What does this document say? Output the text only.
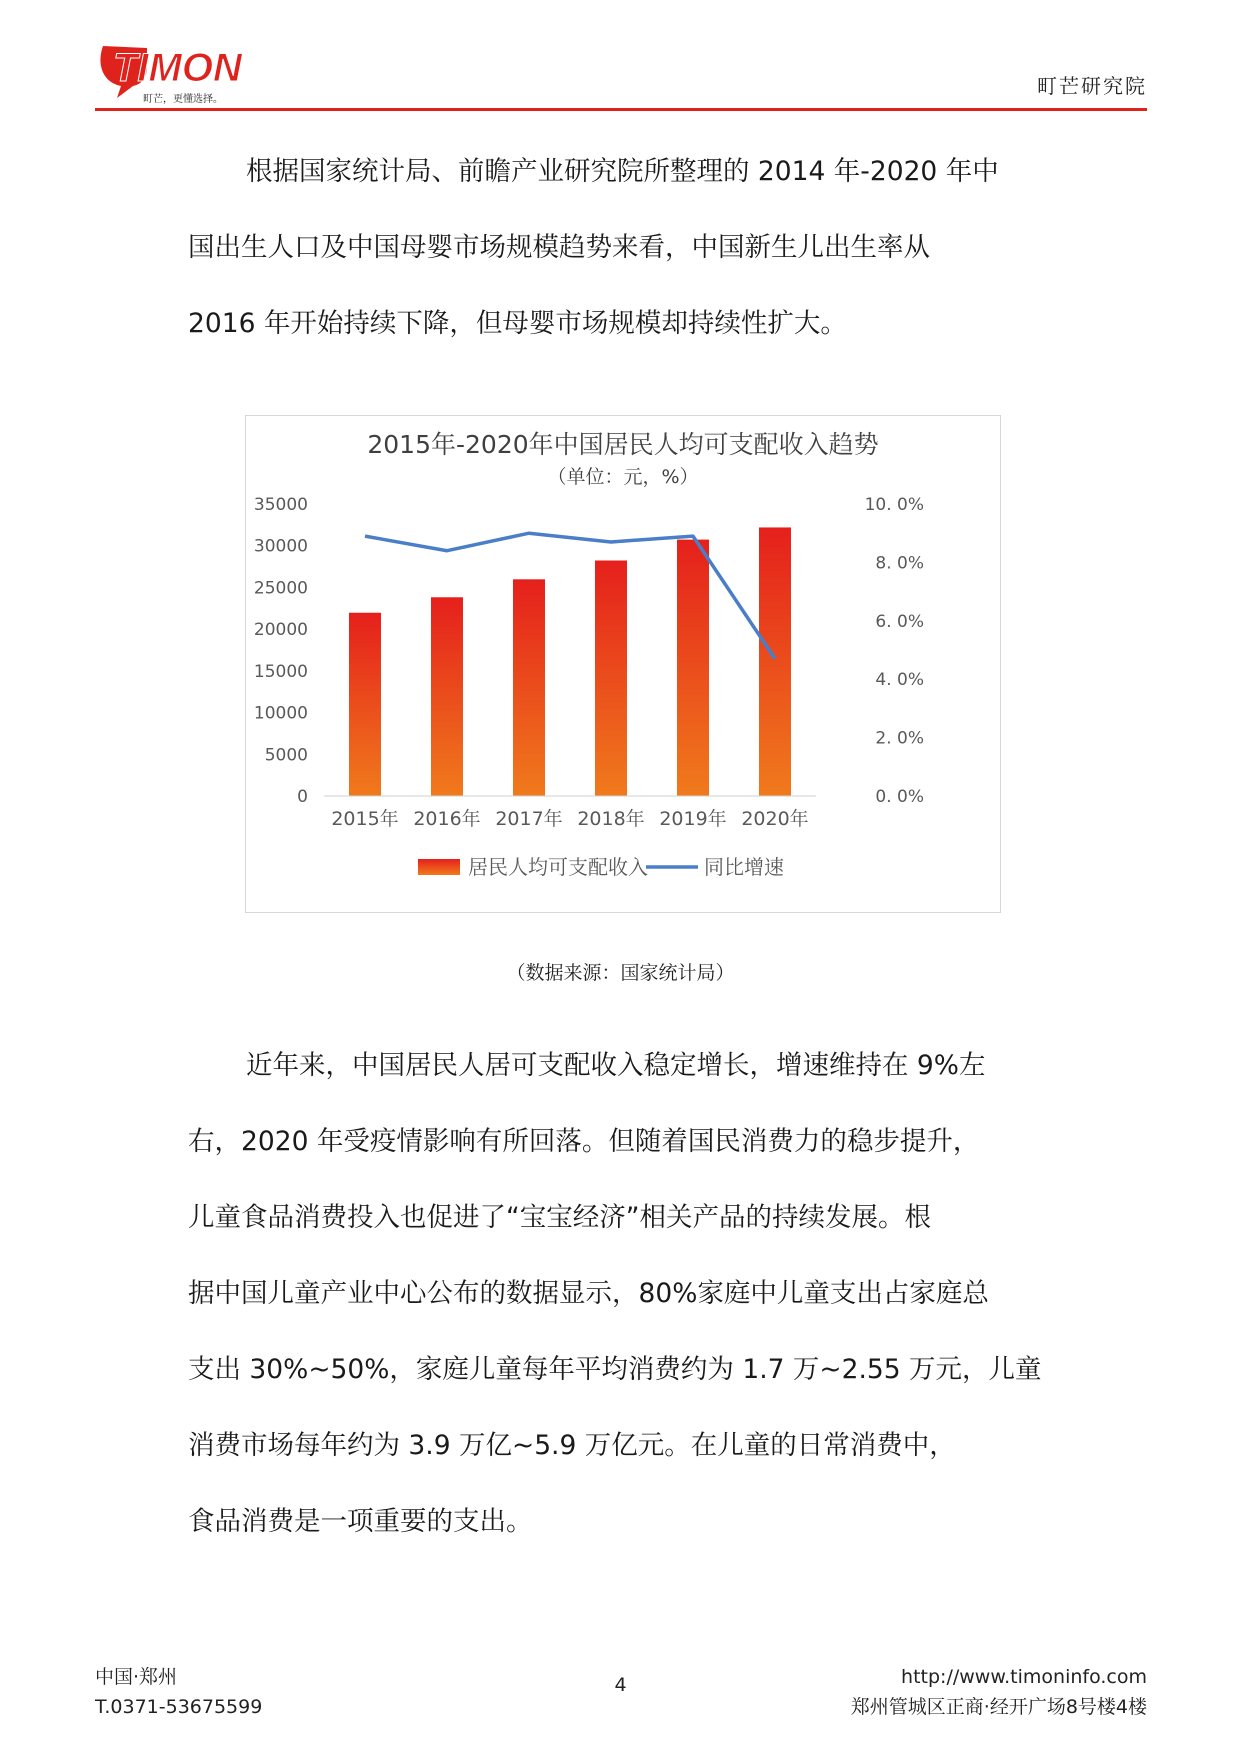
TIMON
町芒，更懂选择。
町芒研究院
根据国家统计局、前瞻产业研究院所整理的 2014 年-2020 年中
国出生人口及中国母婴市场规模趋势来看，中国新生儿出生率从
2016 年开始持续下降，但母婴市场规模却持续性扩大。
2015年-2020年中国居民人均可支配收入趋势
（单位：元，%）
35000
30000
25000
20000
15000
10000
5000
0
10. 0%
8. 0%
6. 0%
4. 0%
2. 0%
0. 0%
2015年 2016年 2017年 2018年 2019年 2020年
居民人均可支配收入	同比增速
（数据来源：国家统计局）
近年来，中国居民人居可支配收入稳定增长，增速维持在 9%左
右，2020 年受疫情影响有所回落。但随着国民消费力的稳步提升，
儿童食品消费投入也促进了“宝宝经济”相关产品的持续发展。根
据中国儿童产业中心公布的数据显示，80%家庭中儿童支出占家庭总
支出 30%~50%，家庭儿童每年平均消费约为 1.7 万~2.55 万元，儿童
消费市场每年约为 3.9 万亿~5.9 万亿元。在儿童的日常消费中，
食品消费是一项重要的支出。
中国·郑州
T.0371-53675599
4	http://www.timoninfo.com
郑州管城区正商·经开广场8号楼4楼
